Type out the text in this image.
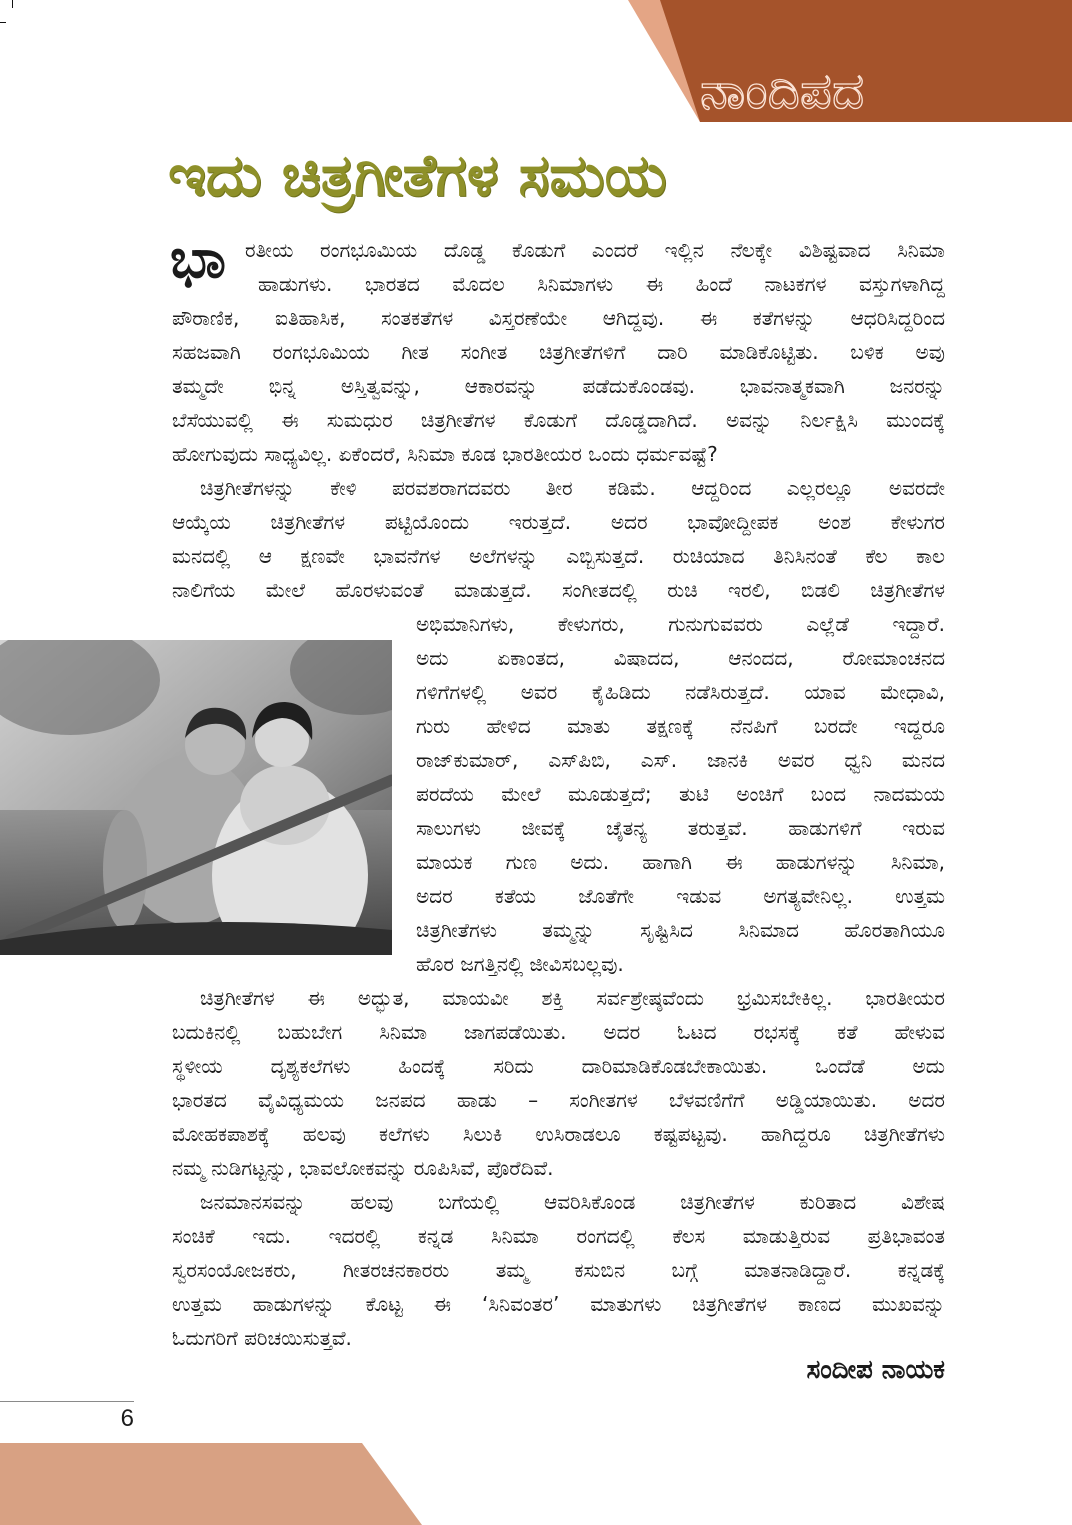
ನಾಂದಿಪದ
ಇದು ಚಿತ್ರಗೀತೆಗಳ ಸಮಯ
ಭಾ ರತೀಯ ರಂಗಭೂಮಿಯ ದೊಡ್ಡ ಕೊಡುಗೆ ಎಂದರೆ ಇಲ್ಲಿನ ನೆಲಕ್ಕೇ ವಿಶಿಷ್ಟವಾದ ಸಿನಿಮಾ
ಹಾಡುಗಳು. ಭಾರತದ ಮೊದಲ ಸಿನಿಮಾಗಳು ಈ ಹಿಂದೆ ನಾಟಕಗಳ ವಸ್ತುಗಳಾಗಿದ್ದ
ಪೌರಾಣಿಕ, ಐತಿಹಾಸಿಕ, ಸಂತಕತೆಗಳ ವಿಸ್ತರಣೆಯೇ ಆಗಿದ್ದವು. ಈ ಕತೆಗಳನ್ನು ಆಧರಿಸಿದ್ದರಿಂದ
ಸಹಜವಾಗಿ ರಂಗಭೂಮಿಯ ಗೀತ ಸಂಗೀತ ಚಿತ್ರಗೀತೆಗಳಿಗೆ ದಾರಿ ಮಾಡಿಕೊಟ್ಟಿತು. ಬಳಿಕ ಅವು
ತಮ್ಮದೇ ಭಿನ್ನ ಅಸ್ತಿತ್ವವನ್ನು, ಆಕಾರವನ್ನು ಪಡೆದುಕೊಂಡವು. ಭಾವನಾತ್ಮಕವಾಗಿ ಜನರನ್ನು
ಬೆಸೆಯುವಲ್ಲಿ ಈ ಸುಮಧುರ ಚಿತ್ರಗೀತೆಗಳ ಕೊಡುಗೆ ದೊಡ್ಡದಾಗಿದೆ. ಅವನ್ನು ನಿರ್ಲಕ್ಷಿಸಿ ಮುಂದಕ್ಕೆ
ಹೋಗುವುದು ಸಾಧ್ಯವಿಲ್ಲ. ಏಕೆಂದರೆ, ಸಿನಿಮಾ ಕೂಡ ಭಾರತೀಯರ ಒಂದು ಧರ್ಮವಷ್ಟೆ?
ಚಿತ್ರಗೀತೆಗಳನ್ನು ಕೇಳಿ ಪರವಶರಾಗದವರು ತೀರ ಕಡಿಮೆ. ಆದ್ದರಿಂದ ಎಲ್ಲರಲ್ಲೂ ಅವರದೇ
ಆಯ್ಕೆಯ ಚಿತ್ರಗೀತೆಗಳ ಪಟ್ಟಿಯೊಂದು ಇರುತ್ತದೆ. ಅದರ ಭಾವೋದ್ದೀಪಕ ಅಂಶ ಕೇಳುಗರ
ಮನದಲ್ಲಿ ಆ ಕ್ಷಣವೇ ಭಾವನೆಗಳ ಅಲೆಗಳನ್ನು ಎಬ್ಬಿಸುತ್ತದೆ. ರುಚಿಯಾದ ತಿನಿಸಿನಂತೆ ಕೆಲ ಕಾಲ
ನಾಲಿಗೆಯ ಮೇಲೆ ಹೊರಳುವಂತೆ ಮಾಡುತ್ತದೆ. ಸಂಗೀತದಲ್ಲಿ ರುಚಿ ಇರಲಿ, ಬಿಡಲಿ ಚಿತ್ರಗೀತೆಗಳ
ಅಭಿಮಾನಿಗಳು, ಕೇಳುಗರು, ಗುನುಗುವವರು ಎಲ್ಲೆಡೆ ಇದ್ದಾರೆ.
ಅದು ಏಕಾಂತದ, ವಿಷಾದದ, ಆನಂದದ, ರೋಮಾಂಚನದ
ಗಳಿಗೆಗಳಲ್ಲಿ ಅವರ ಕೈಹಿಡಿದು ನಡೆಸಿರುತ್ತದೆ. ಯಾವ ಮೇಧಾವಿ,
ಗುರು ಹೇಳಿದ ಮಾತು ತಕ್ಷಣಕ್ಕೆ ನೆನಪಿಗೆ ಬರದೇ ಇದ್ದರೂ
ರಾಜ್‌ಕುಮಾರ್, ಎಸ್‌ಪಿಬಿ, ಎಸ್. ಜಾನಕಿ ಅವರ ಧ್ವನಿ ಮನದ
ಪರದೆಯ ಮೇಲೆ ಮೂಡುತ್ತದೆ; ತುಟಿ ಅಂಚಿಗೆ ಬಂದ ನಾದಮಯ
ಸಾಲುಗಳು ಜೀವಕ್ಕೆ ಚೈತನ್ಯ ತರುತ್ತವೆ. ಹಾಡುಗಳಿಗೆ ಇರುವ
ಮಾಯಕ ಗುಣ ಅದು. ಹಾಗಾಗಿ ಈ ಹಾಡುಗಳನ್ನು ಸಿನಿಮಾ,
ಅದರ ಕತೆಯ ಜೊತೆಗೇ ಇಡುವ ಅಗತ್ಯವೇನಿಲ್ಲ. ಉತ್ತಮ
ಚಿತ್ರಗೀತೆಗಳು ತಮ್ಮನ್ನು ಸೃಷ್ಟಿಸಿದ ಸಿನಿಮಾದ ಹೊರತಾಗಿಯೂ
ಹೊರ ಜಗತ್ತಿನಲ್ಲಿ ಜೀವಿಸಬಲ್ಲವು.
ಚಿತ್ರಗೀತೆಗಳ ಈ ಅದ್ಭುತ, ಮಾಯವೀ ಶಕ್ತಿ ಸರ್ವಶ್ರೇಷ್ಠವೆಂದು ಭ್ರಮಿಸಬೇಕಿಲ್ಲ. ಭಾರತೀಯರ
ಬದುಕಿನಲ್ಲಿ ಬಹುಬೇಗ ಸಿನಿಮಾ ಜಾಗಪಡೆಯಿತು. ಅದರ ಓಟದ ರಭಸಕ್ಕೆ ಕತೆ ಹೇಳುವ
ಸ್ಥಳೀಯ ದೃಶ್ಯಕಲೆಗಳು ಹಿಂದಕ್ಕೆ ಸರಿದು ದಾರಿಮಾಡಿಕೊಡಬೇಕಾಯಿತು. ಒಂದೆಡೆ ಅದು
ಭಾರತದ ವೈವಿಧ್ಯಮಯ ಜನಪದ ಹಾಡು – ಸಂಗೀತಗಳ ಬೆಳವಣಿಗೆಗೆ ಅಡ್ಡಿಯಾಯಿತು. ಅದರ
ಮೋಹಕಪಾಶಕ್ಕೆ ಹಲವು ಕಲೆಗಳು ಸಿಲುಕಿ ಉಸಿರಾಡಲೂ ಕಷ್ಟಪಟ್ಟವು. ಹಾಗಿದ್ದರೂ ಚಿತ್ರಗೀತೆಗಳು
ನಮ್ಮ ನುಡಿಗಟ್ಟನ್ನು, ಭಾವಲೋಕವನ್ನು ರೂಪಿಸಿವೆ, ಪೊರೆದಿವೆ.
ಜನಮಾನಸವನ್ನು ಹಲವು ಬಗೆಯಲ್ಲಿ ಆವರಿಸಿಕೊಂಡ ಚಿತ್ರಗೀತೆಗಳ ಕುರಿತಾದ ವಿಶೇಷ
ಸಂಚಿಕೆ ಇದು. ಇದರಲ್ಲಿ ಕನ್ನಡ ಸಿನಿಮಾ ರಂಗದಲ್ಲಿ ಕೆಲಸ ಮಾಡುತ್ತಿರುವ ಪ್ರತಿಭಾವಂತ
ಸ್ವರಸಂಯೋಜಕರು, ಗೀತರಚನಕಾರರು ತಮ್ಮ ಕಸುಬಿನ ಬಗ್ಗೆ ಮಾತನಾಡಿದ್ದಾರೆ. ಕನ್ನಡಕ್ಕೆ
ಉತ್ತಮ ಹಾಡುಗಳನ್ನು ಕೊಟ್ಟ ಈ ‘ಸಿನಿವಂತರ’ ಮಾತುಗಳು ಚಿತ್ರಗೀತೆಗಳ ಕಾಣದ ಮುಖವನ್ನು
ಓದುಗರಿಗೆ ಪರಿಚಯಿಸುತ್ತವೆ.
ಸಂದೀಪ ನಾಯಕ
6
